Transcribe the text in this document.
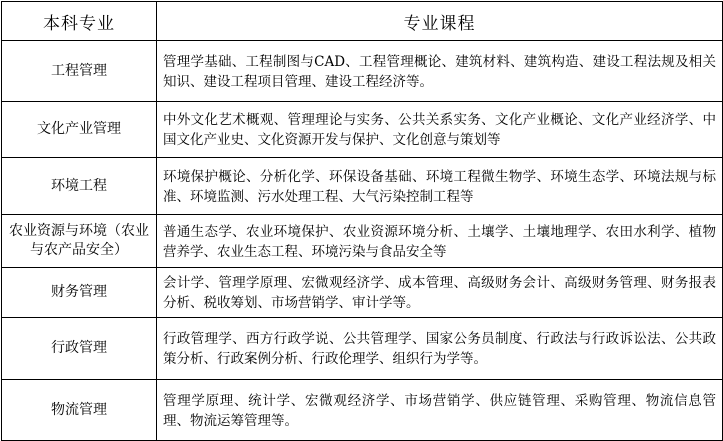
本科专业	专业课程
工程管理	管理学基础、工程制图与CAD、工程管理概论、建筑材料、建筑构造、建设工程法规及相关知识、建设工程项目管理、建设工程经济等。
文化产业管理	中外文化艺术概观、管理理论与实务、公共关系实务、文化产业概论、文化产业经济学、中国文化产业史、文化资源开发与保护、文化创意与策划等
环境工程	环境保护概论、分析化学、环保设备基础、环境工程微生物学、环境生态学、环境法规与标准、环境监测、污水处理工程、大气污染控制工程等
农业资源与环境（农业与农产品安全）	普通生态学、农业环境保护、农业资源环境分析、土壤学、土壤地理学、农田水利学、植物营养学、农业生态工程、环境污染与食品安全等
财务管理	会计学、管理学原理、宏微观经济学、成本管理、高级财务会计、高级财务管理、财务报表分析、税收筹划、市场营销学、审计学等。
行政管理	行政管理学、西方行政学说、公共管理学、国家公务员制度、行政法与行政诉讼法、公共政策分析、行政案例分析、行政伦理学、组织行为学等。
物流管理	管理学原理、统计学、宏微观经济学、市场营销学、供应链管理、采购管理、物流信息管理、物流运筹管理等。
